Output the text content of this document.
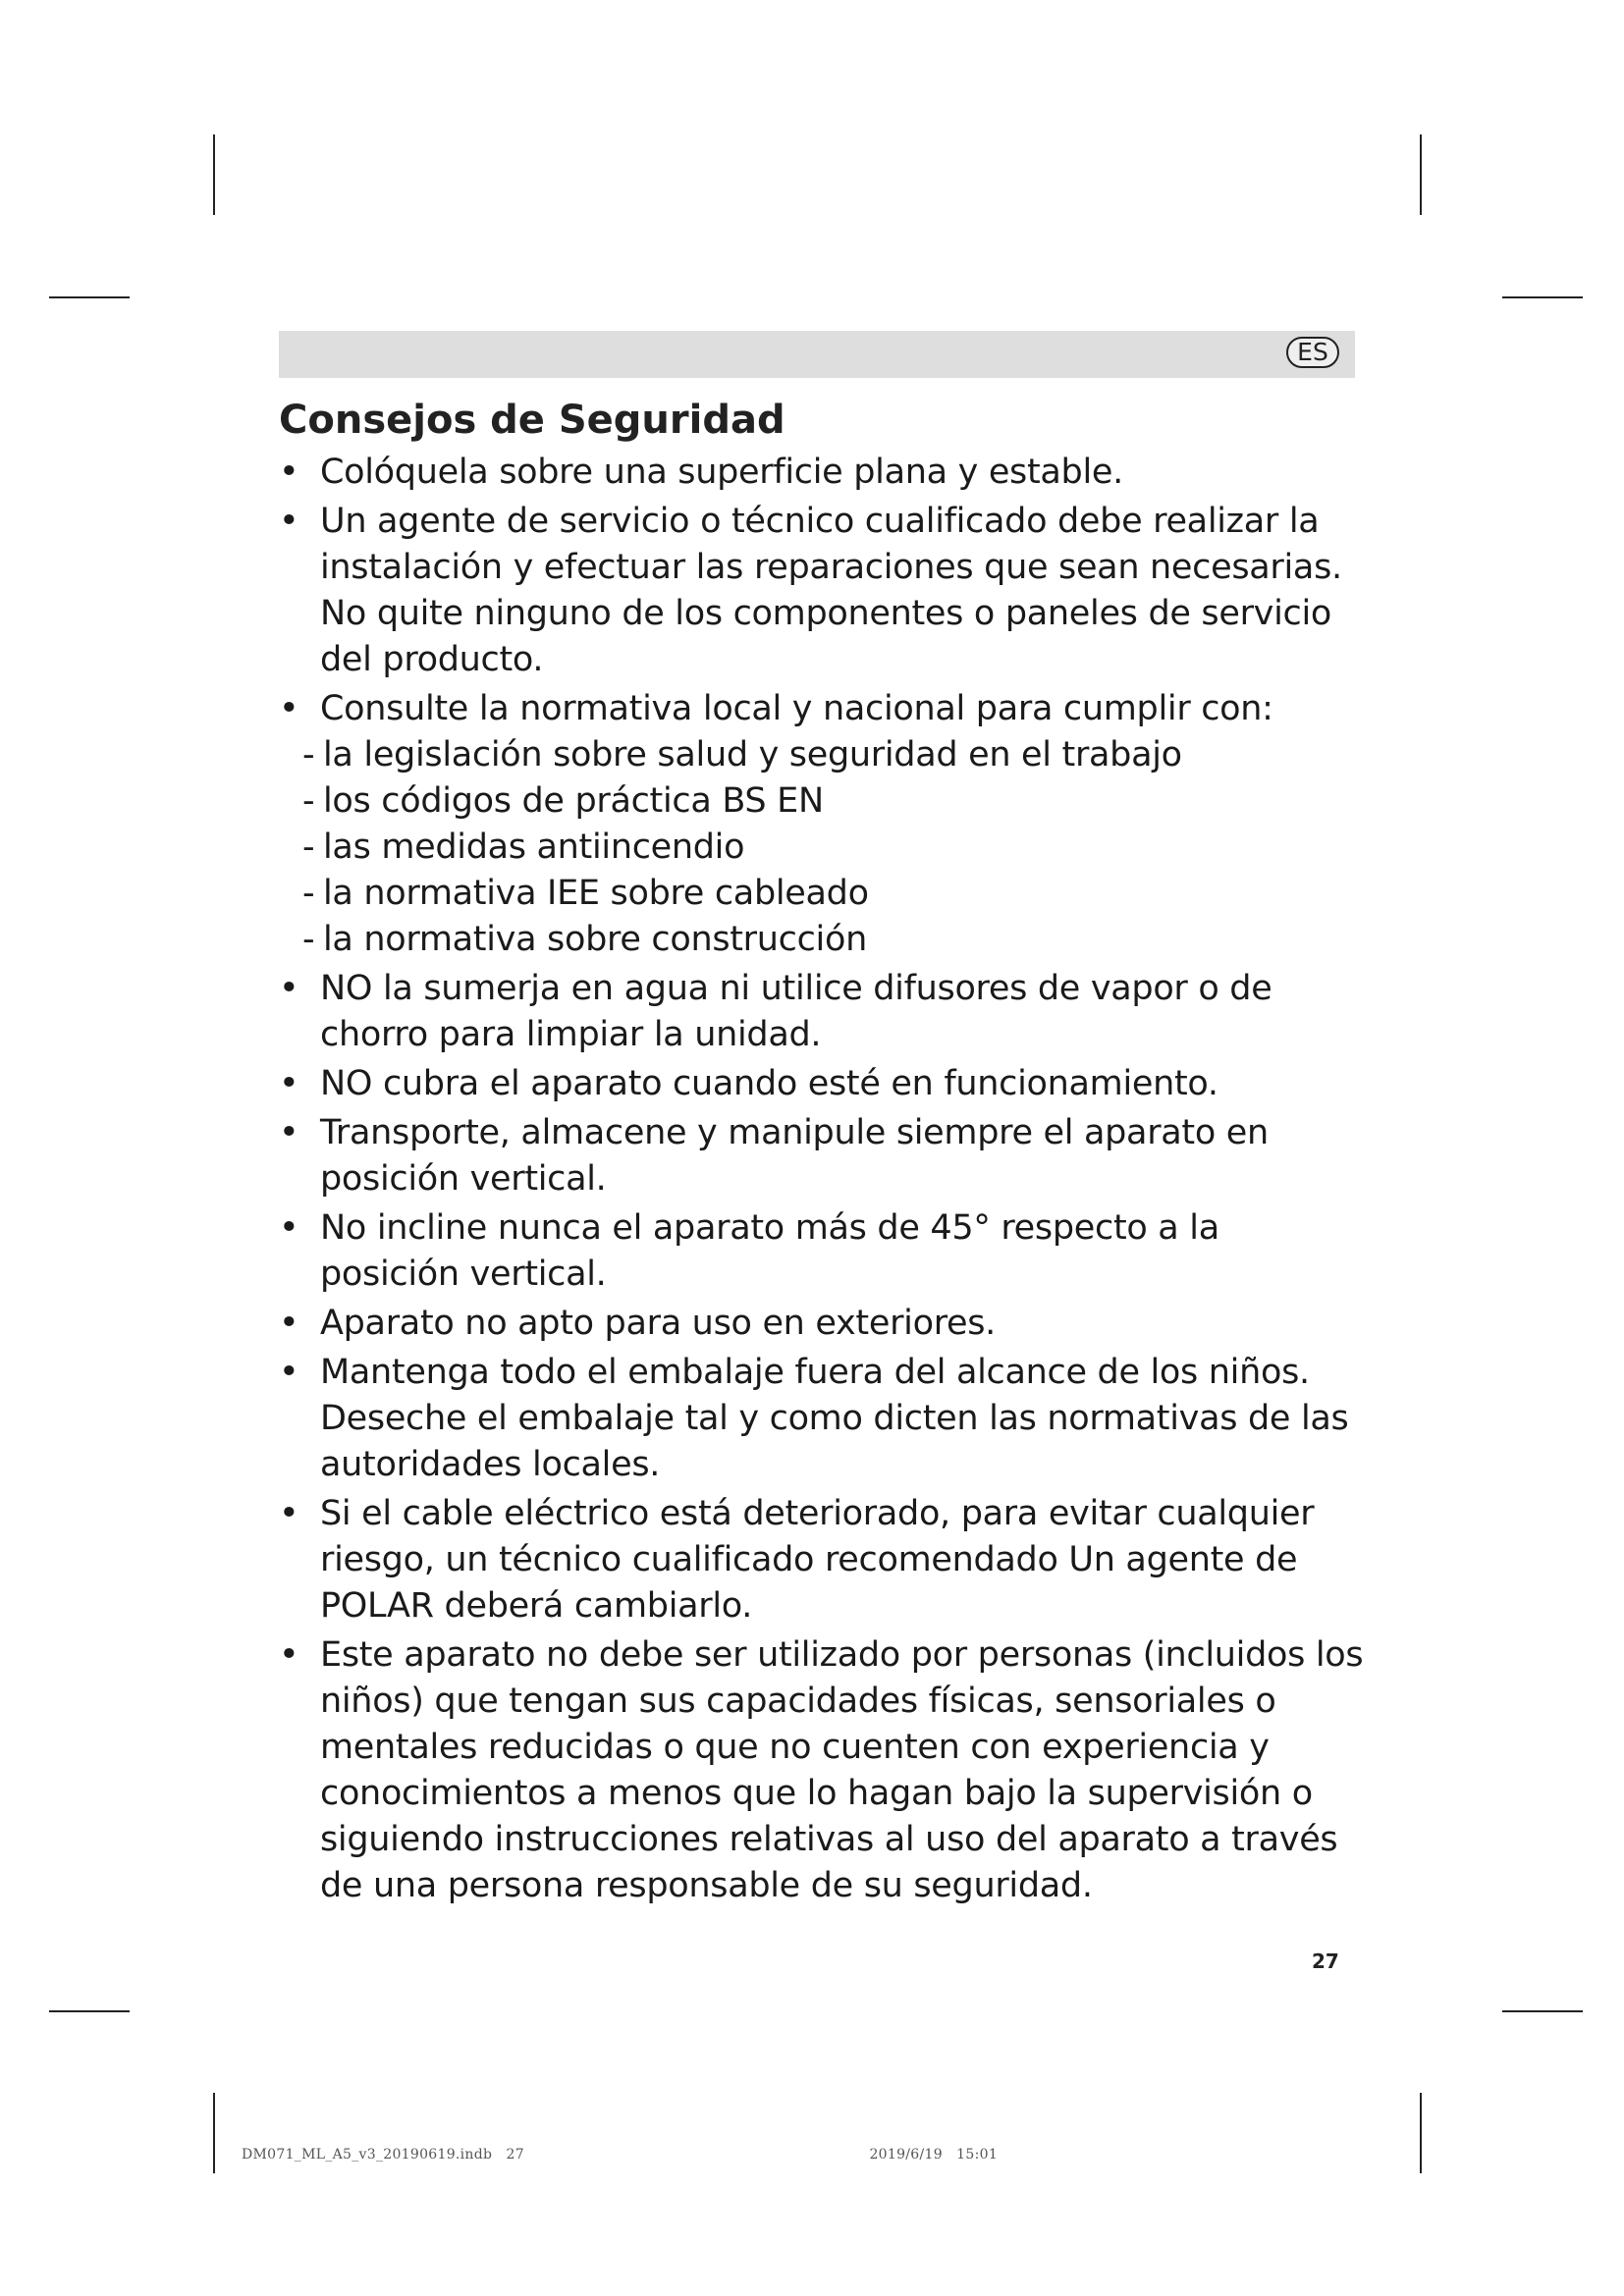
ES
Consejos de Seguridad
• Colóquela sobre una superficie plana y estable.
• Un agente de servicio o técnico cualificado debe realizar la instalación y efectuar las reparaciones que sean necesarias. No quite ninguno de los componentes o paneles de servicio del producto.
• Consulte la normativa local y nacional para cumplir con:
- la legislación sobre salud y seguridad en el trabajo
- los códigos de práctica BS EN
- las medidas antiincendio
- la normativa IEE sobre cableado
- la normativa sobre construcción
• NO la sumerja en agua ni utilice difusores de vapor o de chorro para limpiar la unidad.
• NO cubra el aparato cuando esté en funcionamiento.
• Transporte, almacene y manipule siempre el aparato en posición vertical.
• No incline nunca el aparato más de 45° respecto a la posición vertical.
• Aparato no apto para uso en exteriores.
• Mantenga todo el embalaje fuera del alcance de los niños. Deseche el embalaje tal y como dicten las normativas de las autoridades locales.
• Si el cable eléctrico está deteriorado, para evitar cualquier riesgo, un técnico cualificado recomendado Un agente de POLAR deberá cambiarlo.
• Este aparato no debe ser utilizado por personas (incluidos los niños) que tengan sus capacidades físicas, sensoriales o mentales reducidas o que no cuenten con experiencia y conocimientos a menos que lo hagan bajo la supervisión o siguiendo instrucciones relativas al uso del aparato a través de una persona responsable de su seguridad.
27
DM071_ML_A5_v3_20190619.indb   27                                                                          2019/6/19   15:01
